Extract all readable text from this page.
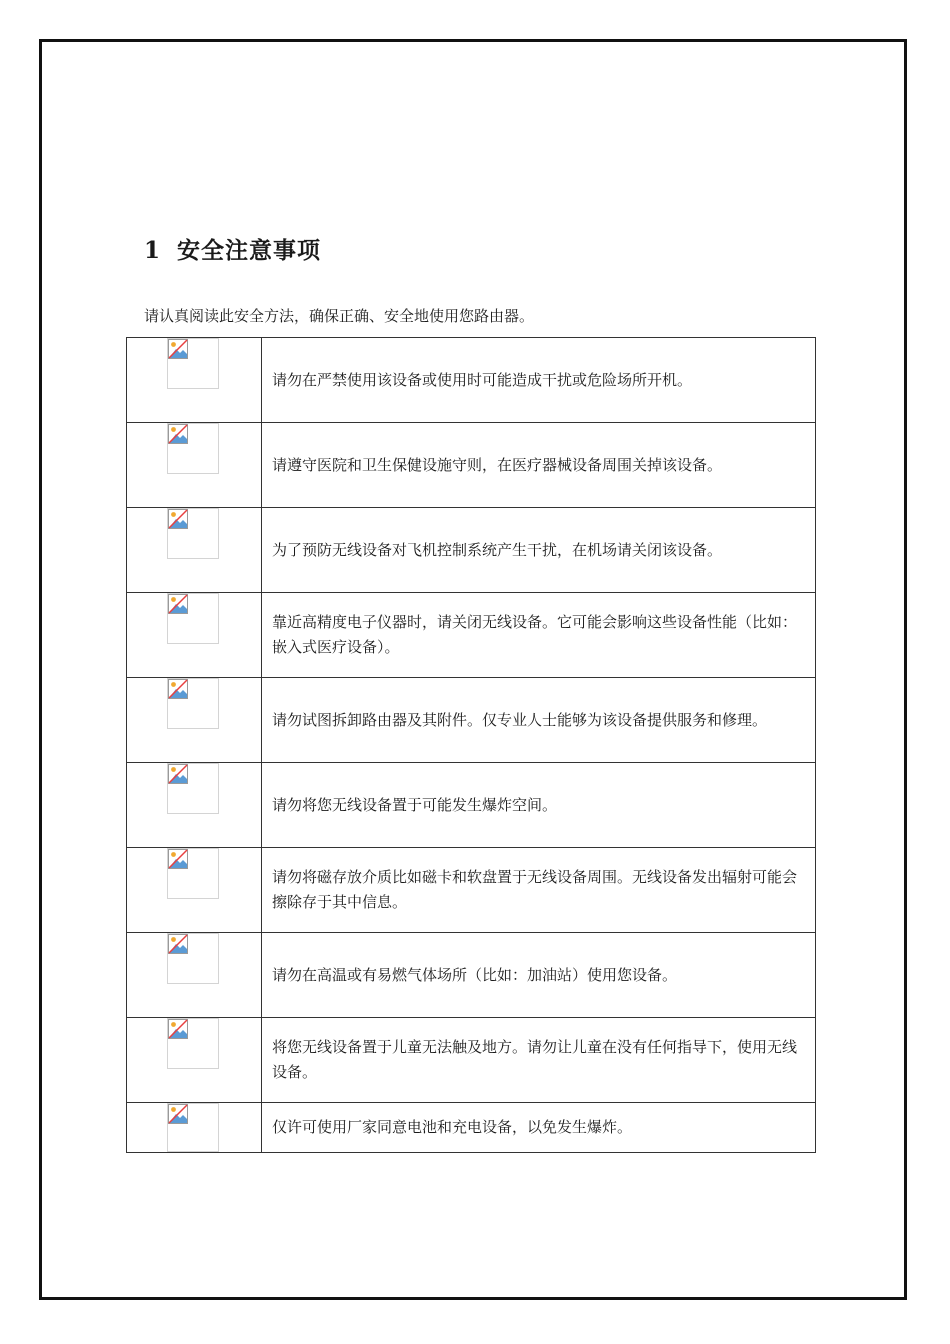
1 安全注意事项

请认真阅读此安全方法，确保正确、安全地使用您路由器。

	请勿在严禁使用该设备或使用时可能造成干扰或危险场所开机。

	请遵守医院和卫生保健设施守则，在医疗器械设备周围关掉该设备。

	为了预防无线设备对飞机控制系统产生干扰，在机场请关闭该设备。

	靠近高精度电子仪器时，请关闭无线设备。它可能会影响这些设备性能（比如：嵌入式医疗设备）。

	请勿试图拆卸路由器及其附件。仅专业人士能够为该设备提供服务和修理。

	请勿将您无线设备置于可能发生爆炸空间。

	请勿将磁存放介质比如磁卡和软盘置于无线设备周围。无线设备发出辐射可能会擦除存于其中信息。

	请勿在高温或有易燃气体场所（比如：加油站）使用您设备。

	将您无线设备置于儿童无法触及地方。请勿让儿童在没有任何指导下，使用无线设备。

	仅许可使用厂家同意电池和充电设备，以免发生爆炸。
